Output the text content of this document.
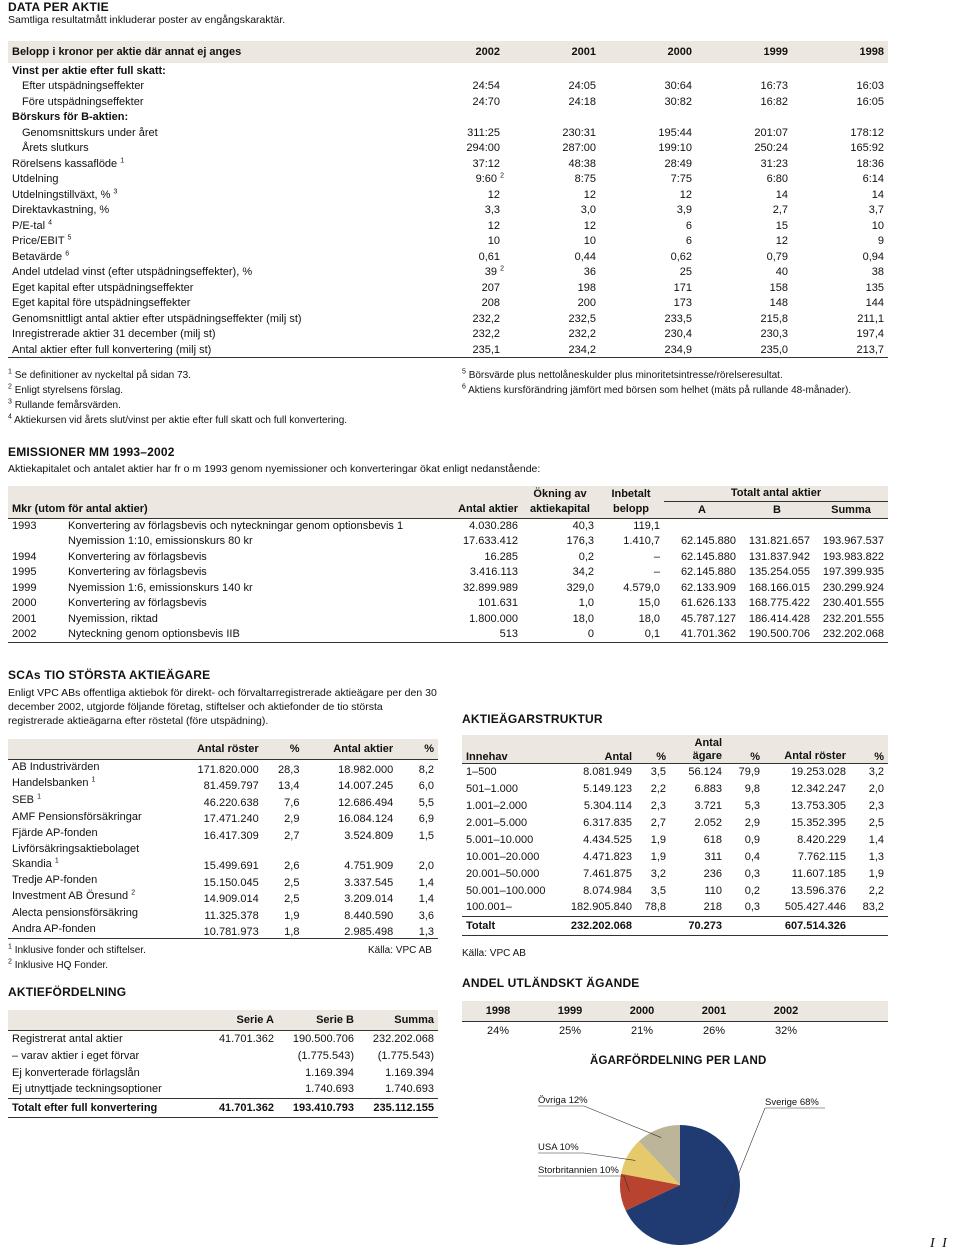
DATA PER AKTIE
Samtliga resultatmått inkluderar poster av engångskaraktär.
Belopp i kronor per aktie där annat ej anges	2002	2001	2000	1999	1998
Vinst per aktie efter full skatt:					
Efter utspädningseffekter	24:54	24:05	30:64	16:73	16:03
Före utspädningseffekter	24:70	24:18	30:82	16:82	16:05
Börskurs för B-aktien:					
Genomsnittskurs under året	311:25	230:31	195:44	201:07	178:12
Årets slutkurs	294:00	287:00	199:10	250:24	165:92
Rörelsens kassaflöde $^1$	37:12	48:38	28:49	31:23	18:36
Utdelning	9:60 $^2$	8:75	7:75	6:80	6:14
Utdelningstillväxt, % $^3$	12	12	12	14	14
Direktavkastning, %	3,3	3,0	3,9	2,7	3,7
P/E-tal $^4$	12	12	6	15	10
Price/EBIT $^5$	10	10	6	12	9
Betavärde $^6$	0,61	0,44	0,62	0,79	0,94
Andel utdelad vinst (efter utspädningseffekter), %	39 $^2$	36	25	40	38
Eget kapital efter utspädningseffekter	207	198	171	158	135
Eget kapital före utspädningseffekter	208	200	173	148	144
Genomsnittligt antal aktier efter utspädningseffekter (milj st)	232,2	232,5	233,5	215,8	211,1
Inregistrerade aktier 31 december (milj st)	232,2	232,2	230,4	230,3	197,4
Antal aktier efter full konvertering (milj st)	235,1	234,2	234,9	235,0	213,7
$^1$ Se definitioner av nyckeltal på sidan 73.
$^2$ Enligt styrelsens förslag.
$^3$ Rullande femårsvärden.
$^4$ Aktiekursen vid årets slut/vinst per aktie efter full skatt och full konvertering.
$^5$ Börsvärde plus nettolåneskulder plus minoritetsintresse/rörelseresultat.
$^6$ Aktiens kursförändring jämfört med börsen som helhet (mäts på rullande 48-månader).
EMISSIONER MM 1993–2002
Aktiekapitalet och antalet aktier har fr o m 1993 genom nyemissioner och konverteringar ökat enligt nedanstående:
			Ökning av	Inbetalt	Totalt antal aktier		
Mkr (utom för antal aktier)		Antal aktier	aktiekapital	belopp	A	B	Summa
1993	Konvertering av förlagsbevis och nyteckningar genom optionsbevis 1	4.030.286	40,3	119,1			
	Nyemission 1:10, emissionskurs 80 kr	17.633.412	176,3	1.410,7	62.145.880	131.821.657	193.967.537
1994	Konvertering av förlagsbevis	16.285	0,2	–	62.145.880	131.837.942	193.983.822
1995	Konvertering av förlagsbevis	3.416.113	34,2	–	62.145.880	135.254.055	197.399.935
1999	Nyemission 1:6, emissionskurs 140 kr	32.899.989	329,0	4.579,0	62.133.909	168.166.015	230.299.924
2000	Konvertering av förlagsbevis	101.631	1,0	15,0	61.626.133	168.775.422	230.401.555
2001	Nyemission, riktad	1.800.000	18,0	18,0	45.787.127	186.414.428	232.201.555
2002	Nyteckning genom optionsbevis IIB	513	0	0,1	41.701.362	190.500.706	232.202.068
SCAs TIO STÖRSTA AKTIEÄGARE
Enligt VPC ABs offentliga aktiebok för direkt- och förvaltarregistrerade aktieägare per den 30 december 2002, utgjorde följande företag, stiftelser och aktiefonder de tio största registrerade aktieägarna efter röstetal (före utspädning).
	Antal röster	%	Antal aktier	%
AB Industrivärden	171.820.000	28,3	18.982.000	8,2
Handelsbanken $^1$	81.459.797	13,4	14.007.245	6,0
SEB $^1$	46.220.638	7,6	12.686.494	5,5
AMF Pensionsförsäkringar	17.471.240	2,9	16.084.124	6,9
Fjärde AP-fonden	16.417.309	2,7	3.524.809	1,5
Livförsäkringsaktiebolaget Skandia $^1$	15.499.691	2,6	4.751.909	2,0
Tredje AP-fonden	15.150.045	2,5	3.337.545	1,4
Investment AB Öresund $^2$	14.909.014	2,5	3.209.014	1,4
Alecta pensionsförsäkring	11.325.378	1,9	8.440.590	3,6
Andra AP-fonden	10.781.973	1,8	2.985.498	1,3
$^1$ Inklusive fonder och stiftelser.
$^2$ Inklusive HQ Fonder.
Källa: VPC AB
AKTIEFÖRDELNING
	Serie A	Serie B	Summa
Registrerat antal aktier	41.701.362	190.500.706	232.202.068
– varav aktier i eget förvar		(1.775.543)	(1.775.543)
Ej konverterade förlagslån		1.169.394	1.169.394
Ej utnyttjade teckningsoptioner		1.740.693	1.740.693
Totalt efter full konvertering	41.701.362	193.410.793	235.112.155
AKTIEÄGARSTRUKTUR
Innehav	Antal	%	Antal ägare	%	Antal röster	%
1–500	8.081.949	3,5	56.124	79,9	19.253.028	3,2
501–1.000	5.149.123	2,2	6.883	9,8	12.342.247	2,0
1.001–2.000	5.304.114	2,3	3.721	5,3	13.753.305	2,3
2.001–5.000	6.317.835	2,7	2.052	2,9	15.352.395	2,5
5.001–10.000	4.434.525	1,9	618	0,9	8.420.229	1,4
10.001–20.000	4.471.823	1,9	311	0,4	7.762.115	1,3
20.001–50.000	7.461.875	3,2	236	0,3	11.607.185	1,9
50.001–100.000	8.074.984	3,5	110	0,2	13.596.376	2,2
100.001–	182.905.840	78,8	218	0,3	505.427.446	83,2
Totalt	232.202.068		70.273		607.514.326	
Källa: VPC AB
ANDEL UTLÄNDSKT ÄGANDE
1998	1999	2000	2001	2002	
24%	25%	21%	26%	32%	
ÄGARFÖRDELNING PER LAND
Sverige 68%
Storbritannien 10%
USA 10%
Övriga 12%
I I
